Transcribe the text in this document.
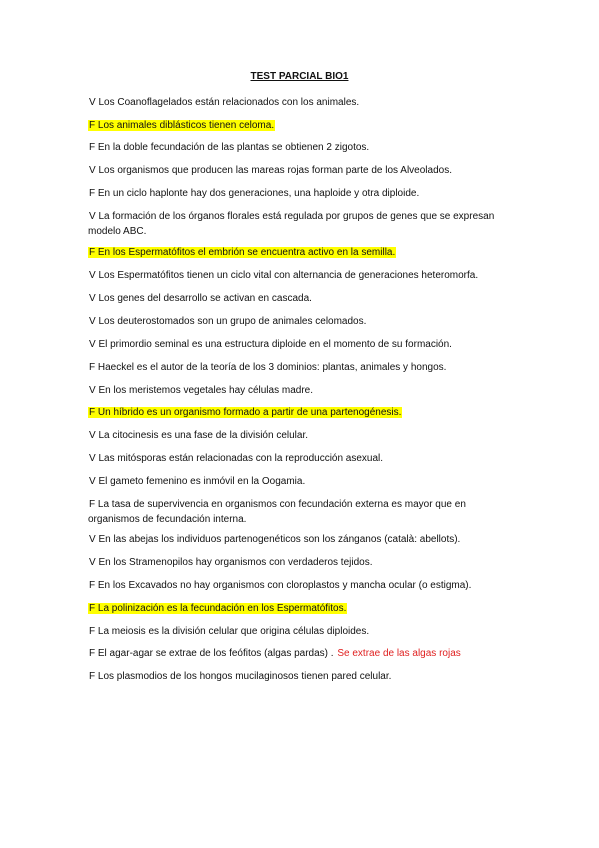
TEST PARCIAL BIO1
V Los Coanoflagelados están relacionados con los animales.
F Los animales diblásticos tienen celoma.
F En la doble fecundación de las plantas se obtienen 2 zigotos.
V Los organismos que producen las mareas rojas forman parte de los Alveolados.
F En un ciclo haplonte hay dos generaciones, una haploide y otra diploide.
V La formación de los órganos florales está regulada por grupos de genes que se expresan modelo ABC.
F En los Espermatófitos el embrión se encuentra activo en la semilla.
V Los Espermatófitos tienen un ciclo vital con alternancia de generaciones heteromorfa.
V Los genes del desarrollo se activan en cascada.
V Los deuterostomados son un grupo de animales celomados.
V El primordio seminal es una estructura diploide en el momento de su formación.
F Haeckel es el autor de la teoría de los 3 dominios: plantas, animales y hongos.
V En los meristemos vegetales hay células madre.
F Un híbrido es un organismo formado a partir de una partenogénesis.
V La citocinesis es una fase de la división celular.
V Las mitósporas están relacionadas con la reproducción asexual.
V El gameto femenino es inmóvil en la Oogamia.
F La tasa de supervivencia en organismos con fecundación externa es mayor que en organismos de fecundación interna.
V En las abejas los individuos partenogenéticos son los zánganos (català: abellots).
V En los Stramenopilos hay organismos con verdaderos tejidos.
F En los Excavados no hay organismos con cloroplastos y mancha ocular (o estigma).
F La polinización es la fecundación en los Espermatófitos.
F La meiosis es la división celular que origina células diploides.
F El agar-agar se extrae de los feófitos (algas pardas) . Se extrae de las algas rojas
F Los plasmodios de los hongos mucilaginosos tienen pared celular.
